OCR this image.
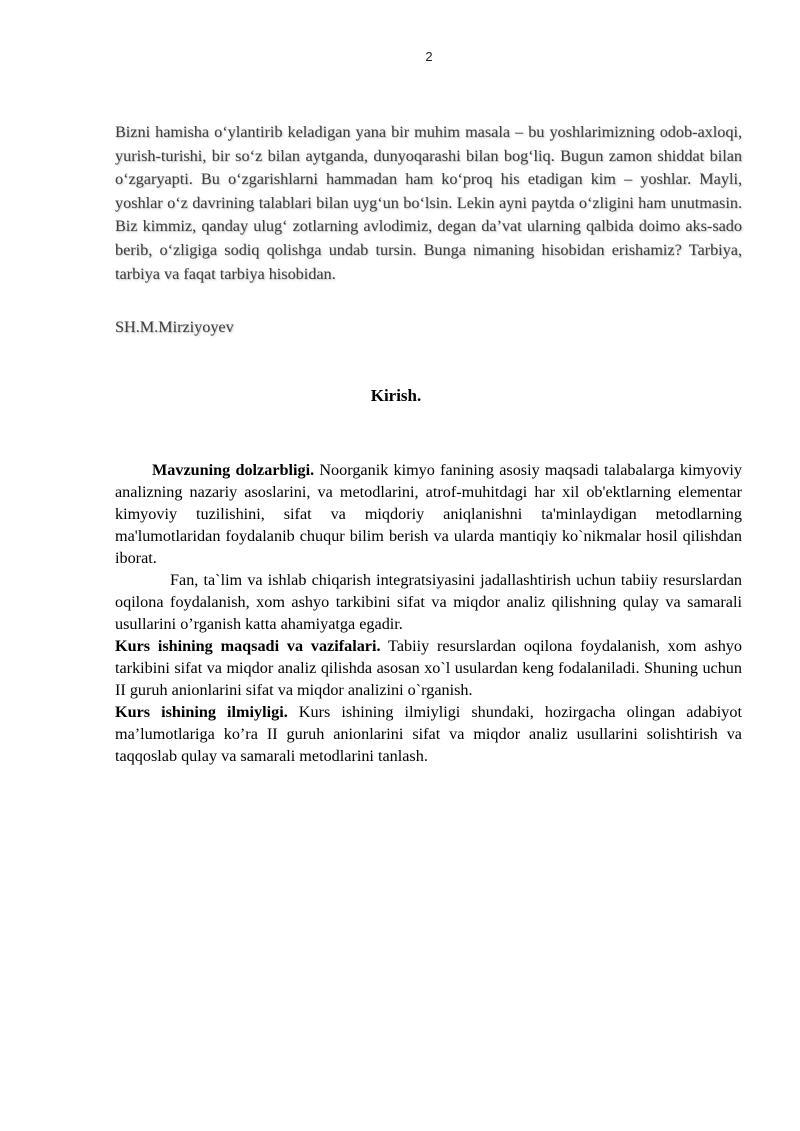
2

Bizni hamisha o‘ylantirib keladigan yana bir muhim masala – bu yoshlarimizning odob-axloqi, yurish-turishi, bir so‘z bilan aytganda, dunyoqarashi bilan bog‘liq. Bugun zamon shiddat bilan o‘zgaryapti. Bu o‘zgarishlarni hammadan ham ko‘proq his etadigan kim – yoshlar. Mayli, yoshlar o‘z davrining talablari bilan uyg‘un bo‘lsin. Lekin ayni paytda o‘zligini ham unutmasin. Biz kimmiz, qanday ulug‘ zotlarning avlodimiz, degan da’vat ularning qalbida doimo aks-sado berib, o‘zligiga sodiq qolishga undab tursin. Bunga nimaning hisobidan erishamiz? Tarbiya, tarbiya va faqat tarbiya hisobidan.

SH.M.Mirziyoyev

Kirish.

Mavzuning dolzarbligi. Noorganik kimyo fanining asosiy maqsadi talabalarga kimyoviy analizning nazariy asoslarini, va metodlarini, atrof-muhitdagi har xil ob'ektlarning elementar kimyoviy tuzilishini, sifat va miqdoriy aniqlanishni ta'minlaydigan metodlarning ma'lumotlaridan foydalanib chuqur bilim berish va ularda mantiqiy ko`nikmalar hosil qilishdan iborat.

Fan, ta`lim va ishlab chiqarish integratsiyasini jadallashtirish uchun tabiiy resurslardan oqilona foydalanish, xom ashyo tarkibini sifat va miqdor analiz qilishning qulay va samarali usullarini o’rganish katta ahamiyatga egadir.

Kurs ishining maqsadi va vazifalari. Tabiiy resurslardan oqilona foydalanish, xom ashyo tarkibini sifat va miqdor analiz qilishda asosan xo`l usulardan keng fodalaniladi. Shuning uchun II guruh anionlarini sifat va miqdor analizini o`rganish.

Kurs ishining ilmiyligi. Kurs ishining ilmiyligi shundaki, hozirgacha olingan adabiyot ma’lumotlariga ko’ra II guruh anionlarini sifat va miqdor analiz usullarini solishtirish va taqqoslab qulay va samarali metodlarini tanlash.
